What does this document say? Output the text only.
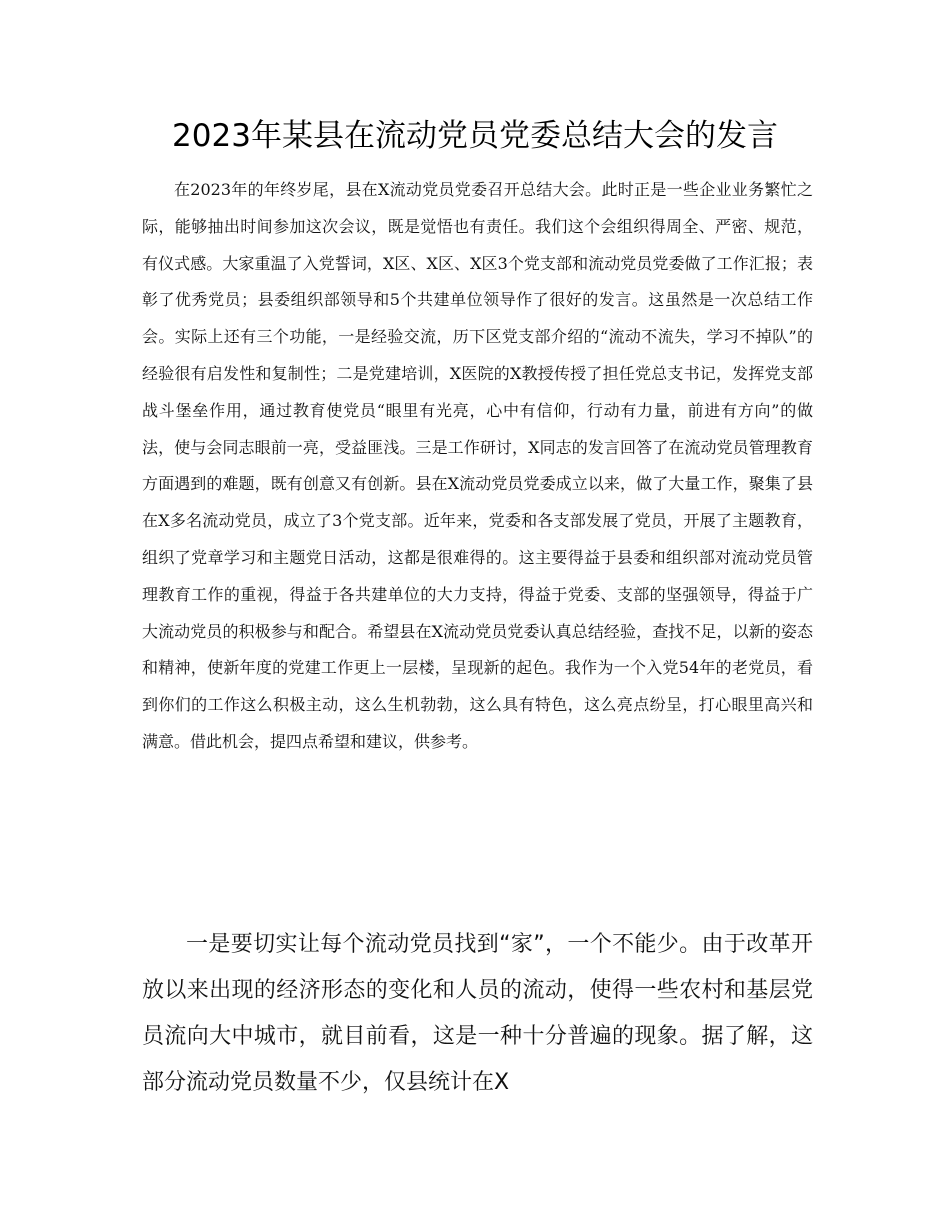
2023年某县在流动党员党委总结大会的发言

在2023年的年终岁尾，县在X流动党员党委召开总结大会。此时正是一些企业业务繁忙之际，能够抽出时间参加这次会议，既是觉悟也有责任。我们这个会组织得周全、严密、规范，有仪式感。大家重温了入党誓词，X区、X区、X区3个党支部和流动党员党委做了工作汇报；表彰了优秀党员；县委组织部领导和5个共建单位领导作了很好的发言。这虽然是一次总结工作会。实际上还有三个功能，一是经验交流，历下区党支部介绍的“流动不流失，学习不掉队”的经验很有启发性和复制性；二是党建培训，X医院的X教授传授了担任党总支书记，发挥党支部战斗堡垒作用，通过教育使党员“眼里有光亮，心中有信仰，行动有力量，前进有方向”的做法，使与会同志眼前一亮，受益匪浅。三是工作研讨，X同志的发言回答了在流动党员管理教育方面遇到的难题，既有创意又有创新。县在X流动党员党委成立以来，做了大量工作，聚集了县在X多名流动党员，成立了3个党支部。近年来，党委和各支部发展了党员，开展了主题教育，组织了党章学习和主题党日活动，这都是很难得的。这主要得益于县委和组织部对流动党员管理教育工作的重视，得益于各共建单位的大力支持，得益于党委、支部的坚强领导，得益于广大流动党员的积极参与和配合。希望县在X流动党员党委认真总结经验，查找不足，以新的姿态和精神，使新年度的党建工作更上一层楼，呈现新的起色。我作为一个入党54年的老党员，看到你们的工作这么积极主动，这么生机勃勃，这么具有特色，这么亮点纷呈，打心眼里高兴和满意。借此机会，提四点希望和建议，供参考。

一是要切实让每个流动党员找到“家”，一个不能少。由于改革开放以来出现的经济形态的变化和人员的流动，使得一些农村和基层党员流向大中城市，就目前看，这是一种十分普遍的现象。据了解，这部分流动党员数量不少，仅县统计在X
